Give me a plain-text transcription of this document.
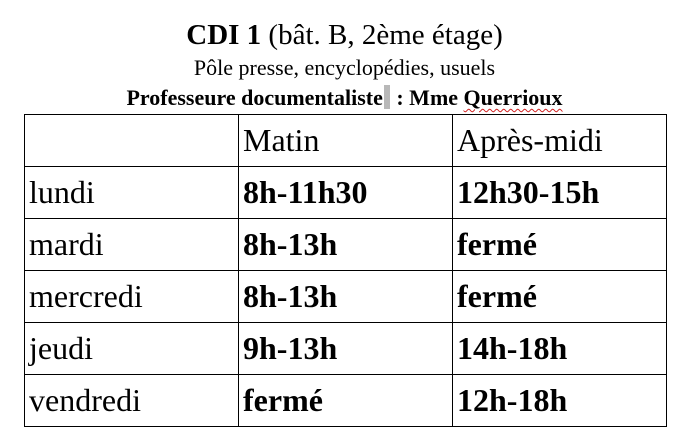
CDI 1 (bât. B, 2ème étage)
Pôle presse, encyclopédies, usuels
Professeure documentaliste : Mme Querrioux
	Matin	Après-midi
lundi	8h-11h30	12h30-15h
mardi	8h-13h	fermé
mercredi	8h-13h	fermé
jeudi	9h-13h	14h-18h
vendredi	fermé	12h-18h
